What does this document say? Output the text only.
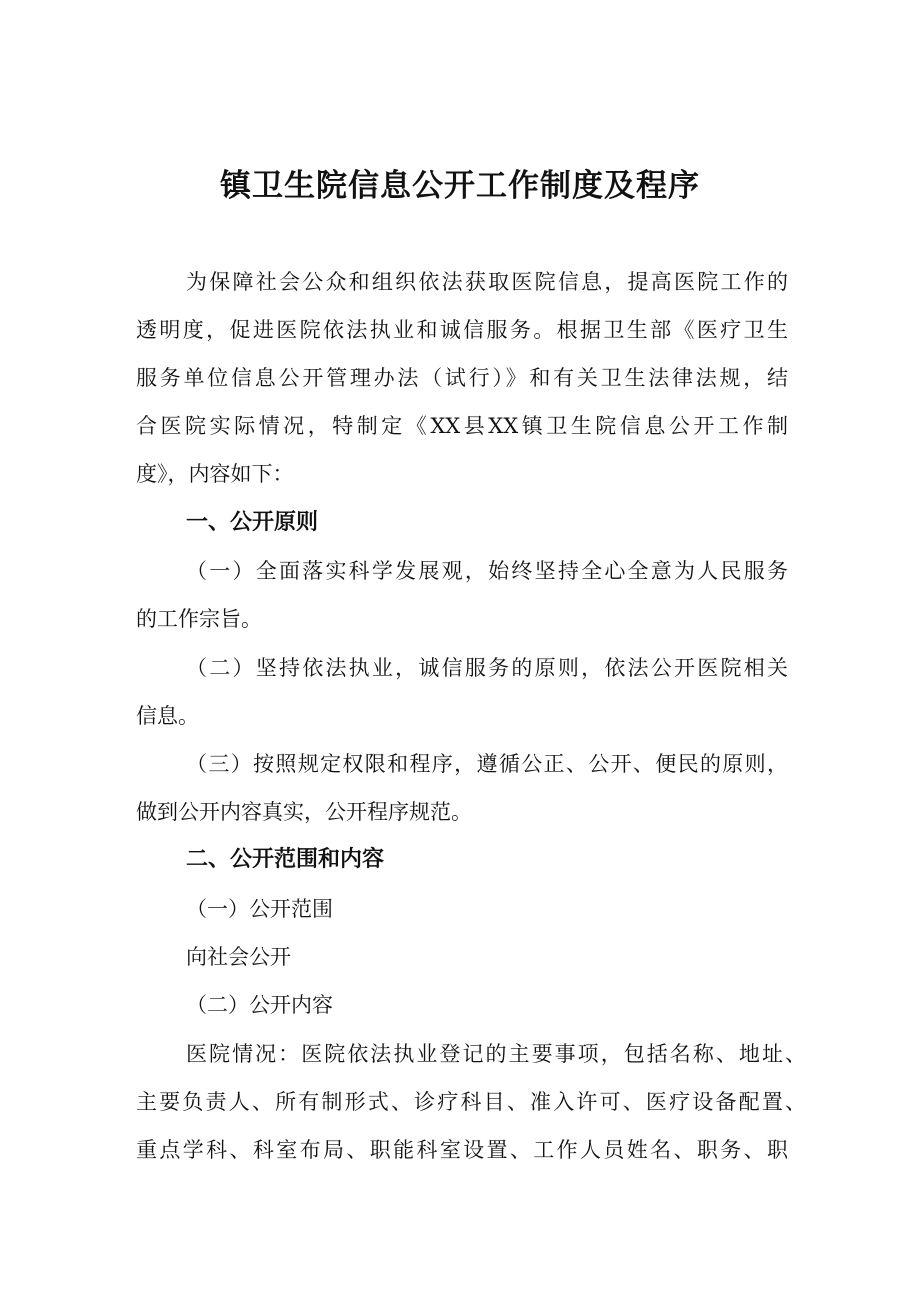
镇卫生院信息公开工作制度及程序
为保障社会公众和组织依法获取医院信息，提高医院工作的
透明度，促进医院依法执业和诚信服务。根据卫生部《医疗卫生
服务单位信息公开管理办法（试行）》和有关卫生法律法规，结
合医院实际情况，特制定《XX县XX镇卫生院信息公开工作制
度》，内容如下：
一、公开原则
（一）全面落实科学发展观，始终坚持全心全意为人民服务
的工作宗旨。
（二）坚持依法执业，诚信服务的原则，依法公开医院相关
信息。
（三）按照规定权限和程序，遵循公正、公开、便民的原则，
做到公开内容真实，公开程序规范。
二、公开范围和内容
（一）公开范围
向社会公开
（二）公开内容
医院情况：医院依法执业登记的主要事项，包括名称、地址、
主要负责人、所有制形式、诊疗科目、准入许可、医疗设备配置、
重点学科、科室布局、职能科室设置、工作人员姓名、职务、职
